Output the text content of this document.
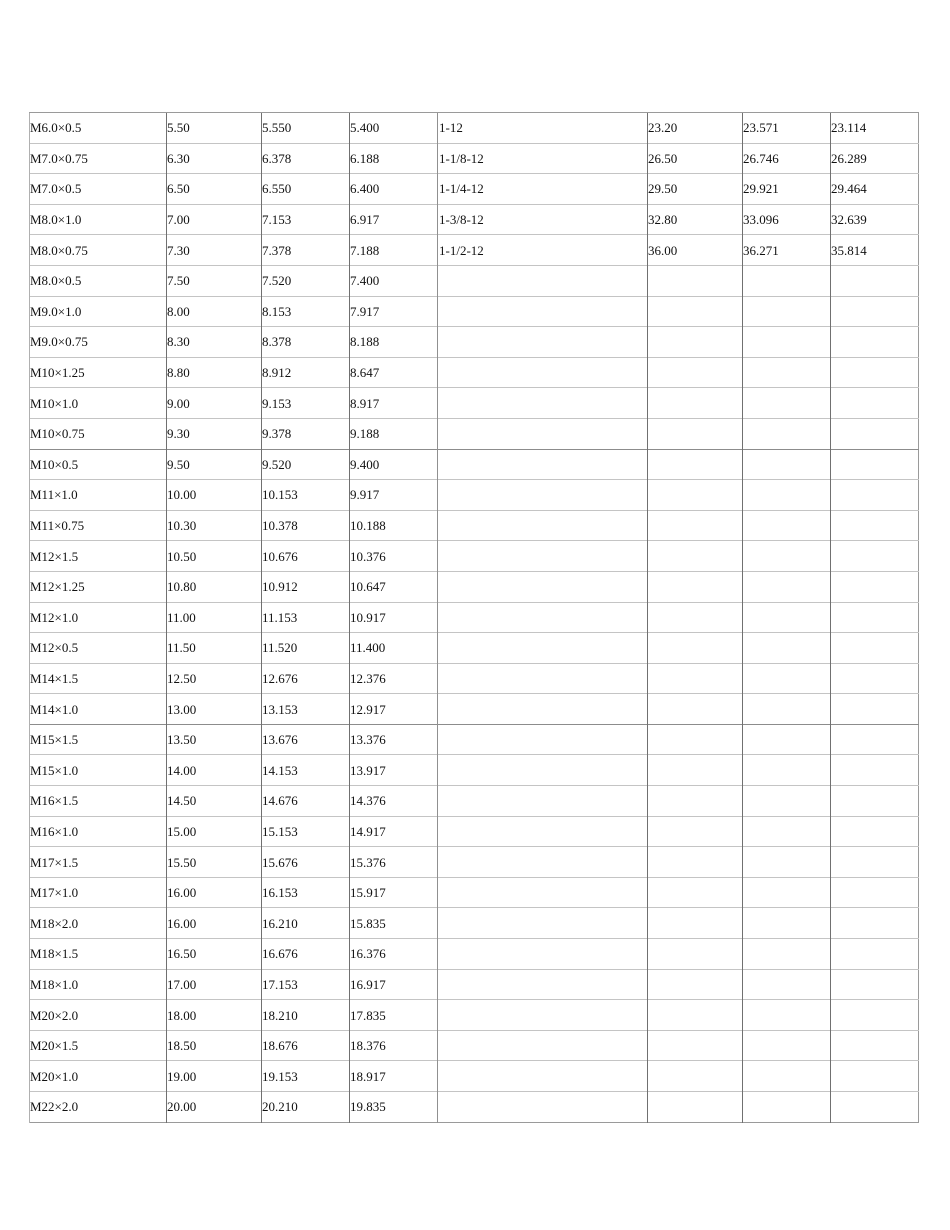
M6.0×0.5	5.50	5.550	5.400	1-12	23.20	23.571	23.114
M7.0×0.75	6.30	6.378	6.188	1-1/8-12	26.50	26.746	26.289
M7.0×0.5	6.50	6.550	6.400	1-1/4-12	29.50	29.921	29.464
M8.0×1.0	7.00	7.153	6.917	1-3/8-12	32.80	33.096	32.639
M8.0×0.75	7.30	7.378	7.188	1-1/2-12	36.00	36.271	35.814
M8.0×0.5	7.50	7.520	7.400				
M9.0×1.0	8.00	8.153	7.917				
M9.0×0.75	8.30	8.378	8.188				
M10×1.25	8.80	8.912	8.647				
M10×1.0	9.00	9.153	8.917				
M10×0.75	9.30	9.378	9.188				
M10×0.5	9.50	9.520	9.400				
M11×1.0	10.00	10.153	9.917				
M11×0.75	10.30	10.378	10.188				
M12×1.5	10.50	10.676	10.376				
M12×1.25	10.80	10.912	10.647				
M12×1.0	11.00	11.153	10.917				
M12×0.5	11.50	11.520	11.400				
M14×1.5	12.50	12.676	12.376				
M14×1.0	13.00	13.153	12.917				
M15×1.5	13.50	13.676	13.376				
M15×1.0	14.00	14.153	13.917				
M16×1.5	14.50	14.676	14.376				
M16×1.0	15.00	15.153	14.917				
M17×1.5	15.50	15.676	15.376				
M17×1.0	16.00	16.153	15.917				
M18×2.0	16.00	16.210	15.835				
M18×1.5	16.50	16.676	16.376				
M18×1.0	17.00	17.153	16.917				
M20×2.0	18.00	18.210	17.835				
M20×1.5	18.50	18.676	18.376				
M20×1.0	19.00	19.153	18.917				
M22×2.0	20.00	20.210	19.835				
